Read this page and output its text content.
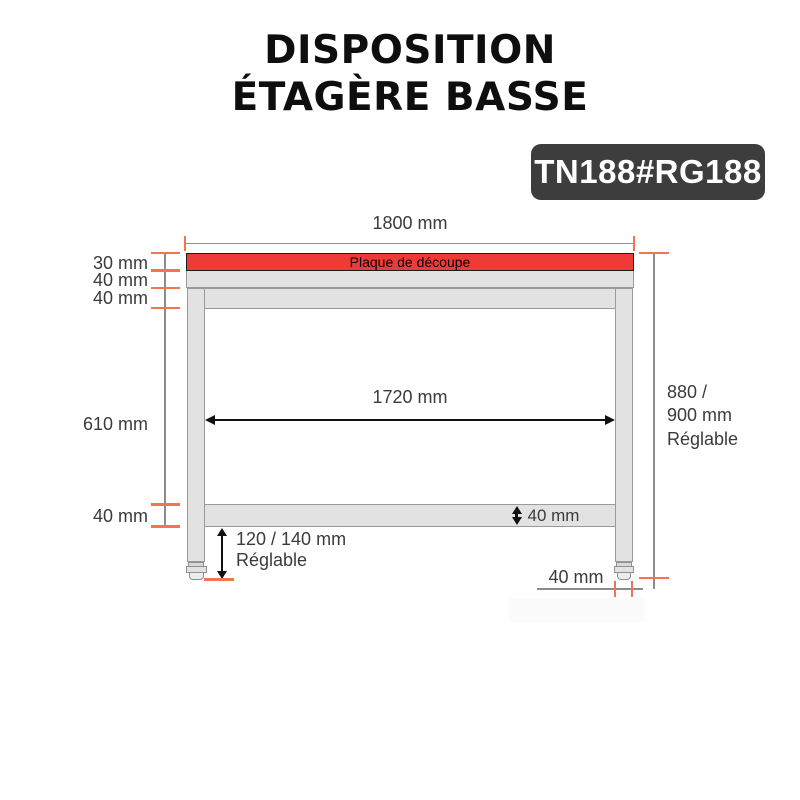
DISPOSITION
ÉTAGÈRE BASSE
TN188#RG188
1800 mm
Plaque de découpe
30 mm
40 mm
40 mm
610 mm
40 mm
1720 mm	880 /
900 mm
Réglable
40 mm
120 / 140 mm
Réglable
40 mm
